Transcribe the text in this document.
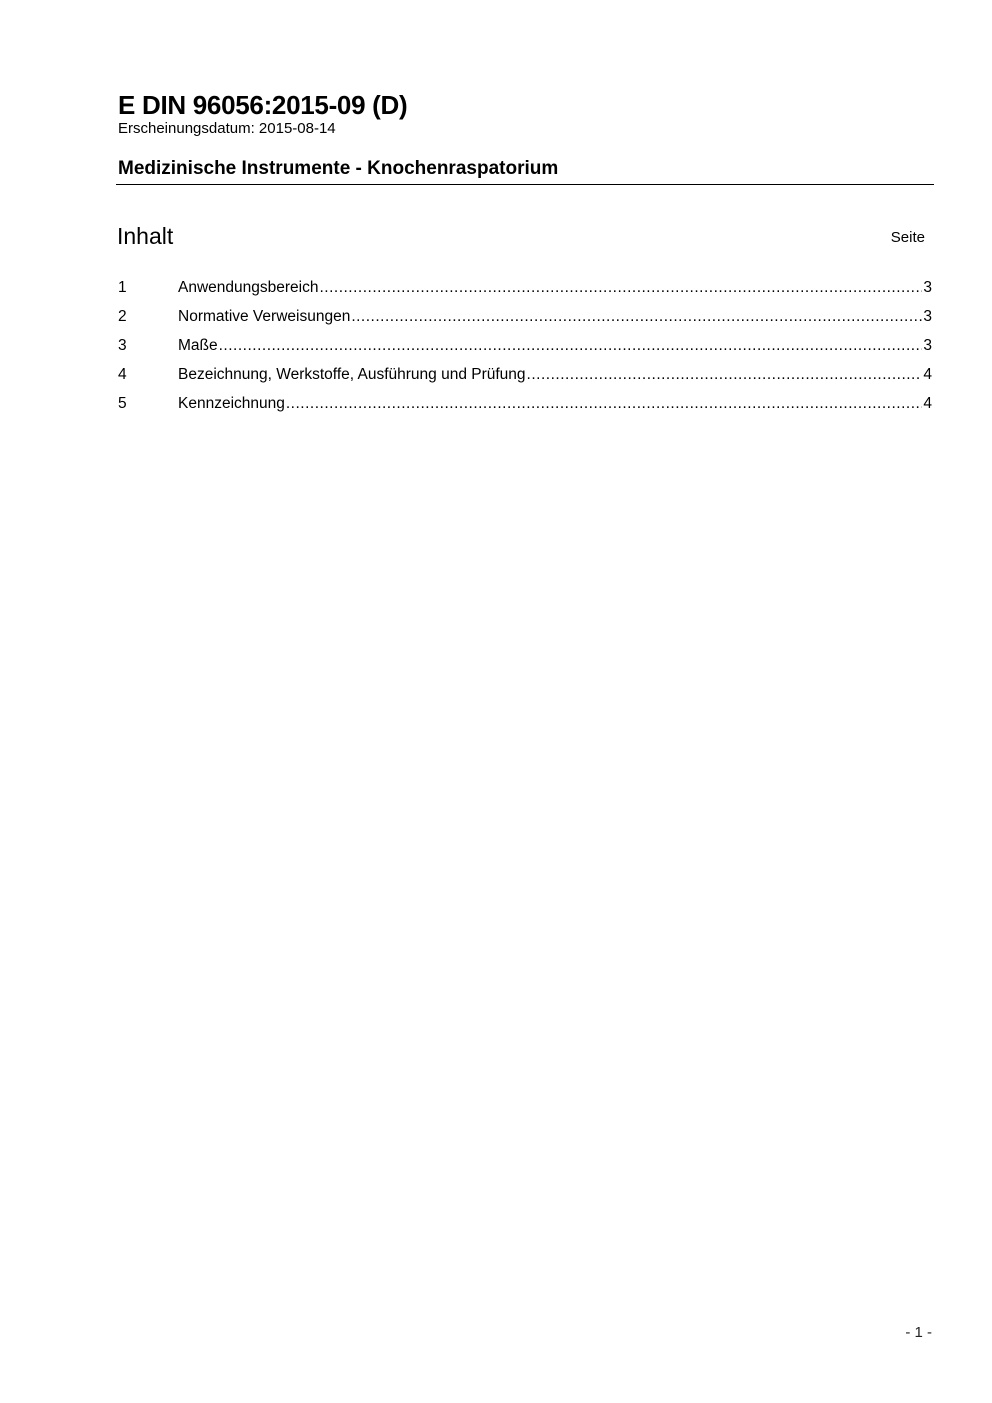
E DIN 96056:2015-09 (D)
Erscheinungsdatum: 2015-08-14
Medizinische Instrumente - Knochenraspatorium
Inhalt	Seite
1	Anwendungsbereich .....	3
2	Normative Verweisungen .....	3
3	Maße .....	3
4	Bezeichnung, Werkstoffe, Ausführung und Prüfung .....	4
5	Kennzeichnung .....	4
- 1 -
